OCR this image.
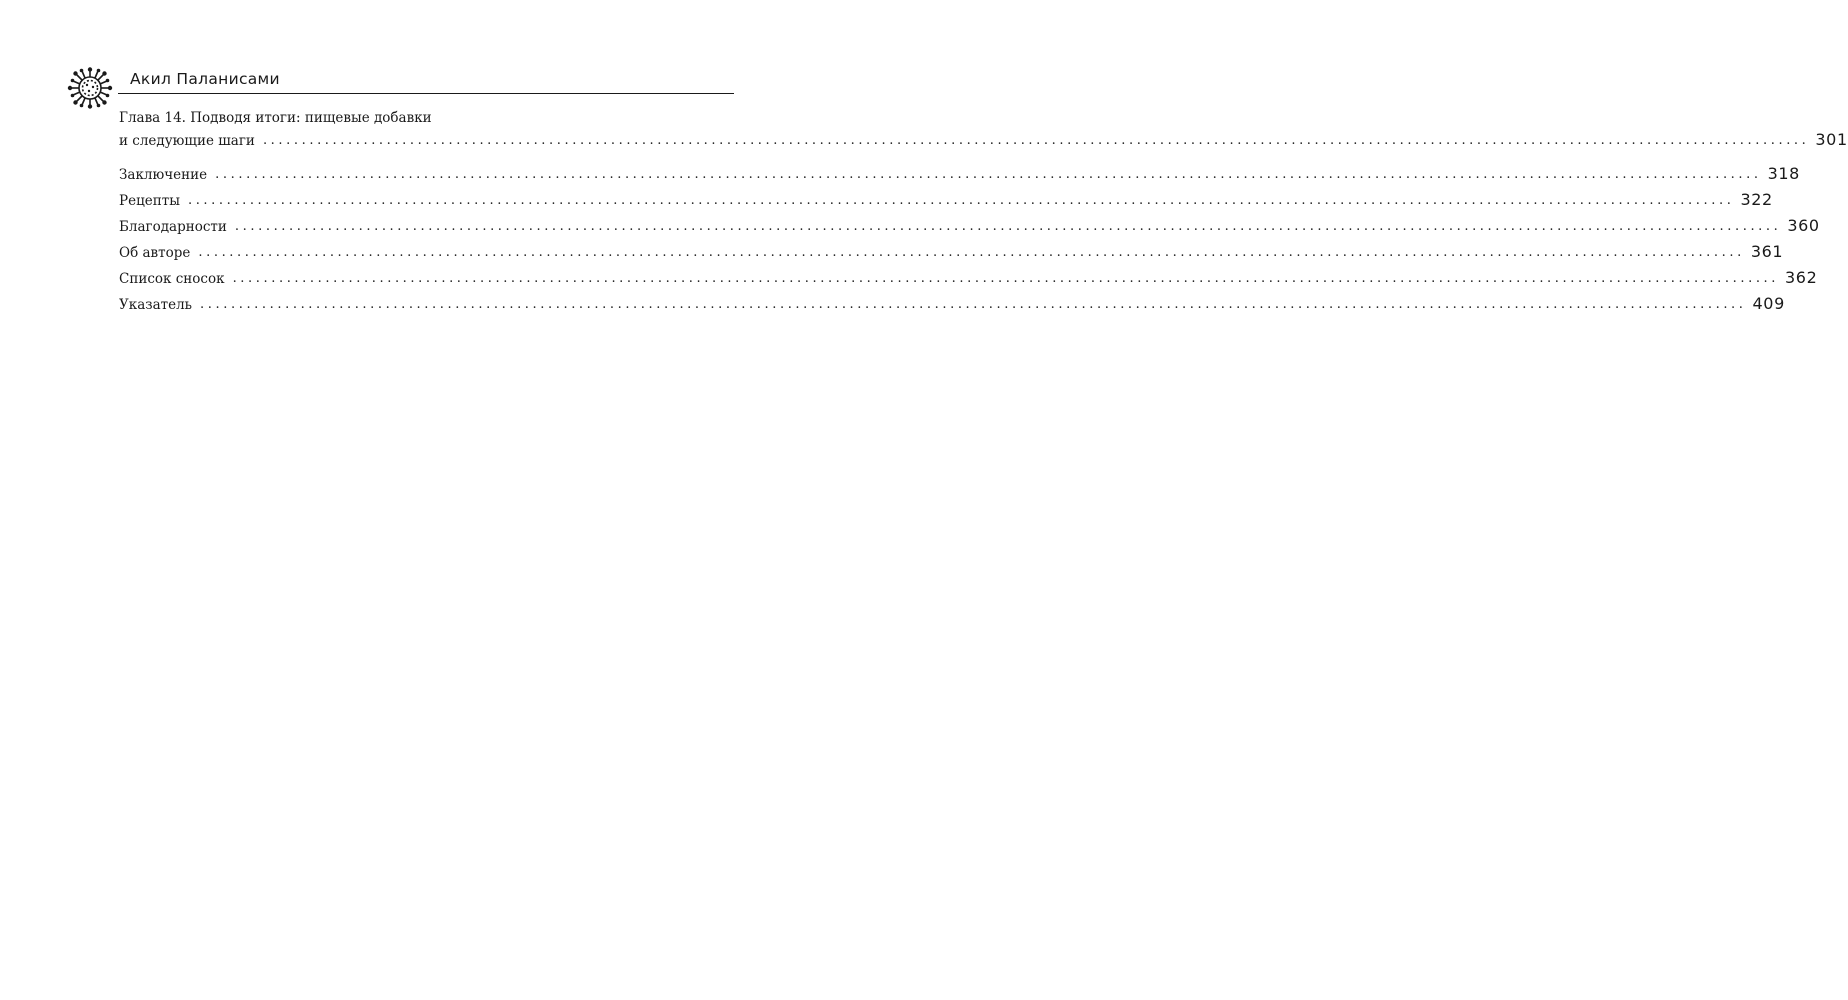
Акил Паланисами
Глава 14. Подводя итоги: пищевые добавки
и следующие шаги ........................................................................................................................................................................................................ 301
Заключение ........................................................................................................................................................................................................ 318
Рецепты ........................................................................................................................................................................................................ 322
Благодарности ........................................................................................................................................................................................................ 360
Об авторе ........................................................................................................................................................................................................ 361
Список сносок ........................................................................................................................................................................................................ 362
Указатель ........................................................................................................................................................................................................ 409
